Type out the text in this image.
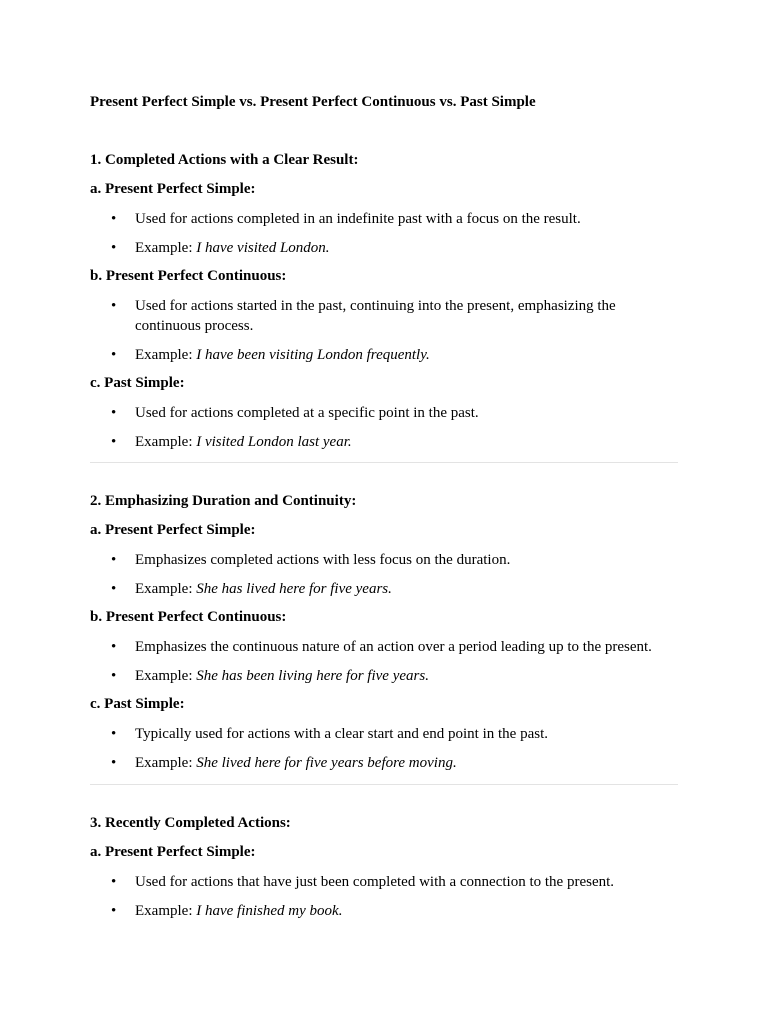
Present Perfect Simple vs. Present Perfect Continuous vs. Past Simple

1. Completed Actions with a Clear Result:

a. Present Perfect Simple:

• Used for actions completed in an indefinite past with a focus on the result.
• Example: I have visited London.

b. Present Perfect Continuous:

• Used for actions started in the past, continuing into the present, emphasizing the continuous process.
• Example: I have been visiting London frequently.

c. Past Simple:

• Used for actions completed at a specific point in the past.
• Example: I visited London last year.

2. Emphasizing Duration and Continuity:

a. Present Perfect Simple:

• Emphasizes completed actions with less focus on the duration.
• Example: She has lived here for five years.

b. Present Perfect Continuous:

• Emphasizes the continuous nature of an action over a period leading up to the present.
• Example: She has been living here for five years.

c. Past Simple:

• Typically used for actions with a clear start and end point in the past.
• Example: She lived here for five years before moving.

3. Recently Completed Actions:

a. Present Perfect Simple:

• Used for actions that have just been completed with a connection to the present.
• Example: I have finished my book.
